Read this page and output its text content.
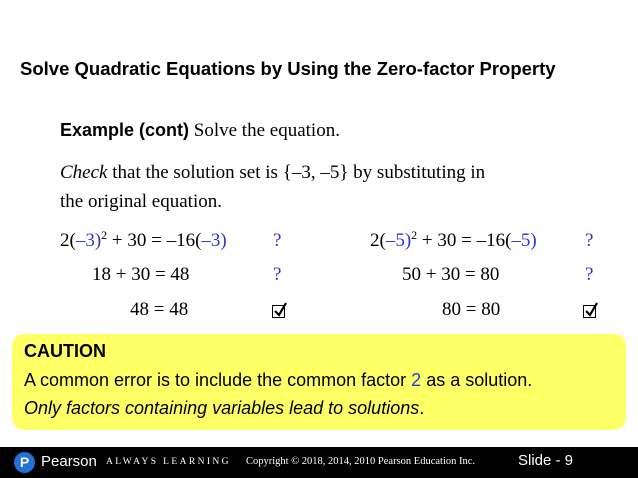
Solve Quadratic Equations by Using the Zero-factor Property
Example (cont) Solve the equation.
Check that the solution set is {–3, –5} by substituting in
the original equation.
$2(-3)^2 + 30 = -16(-3)$ ?
18 + 30 = 48	?
48 = 48
$2(-5)^2 + 30 = -16(-5)$	?
50 + 30 = 80	?
80 = 80
CAUTION
A common error is to include the common factor 2 as a solution.
Only factors containing variables lead to solutions.
P Pearson ALWAYS LEARNING Copyright © 2018, 2014, 2010 Pearson Education Inc.	Slide - 9
